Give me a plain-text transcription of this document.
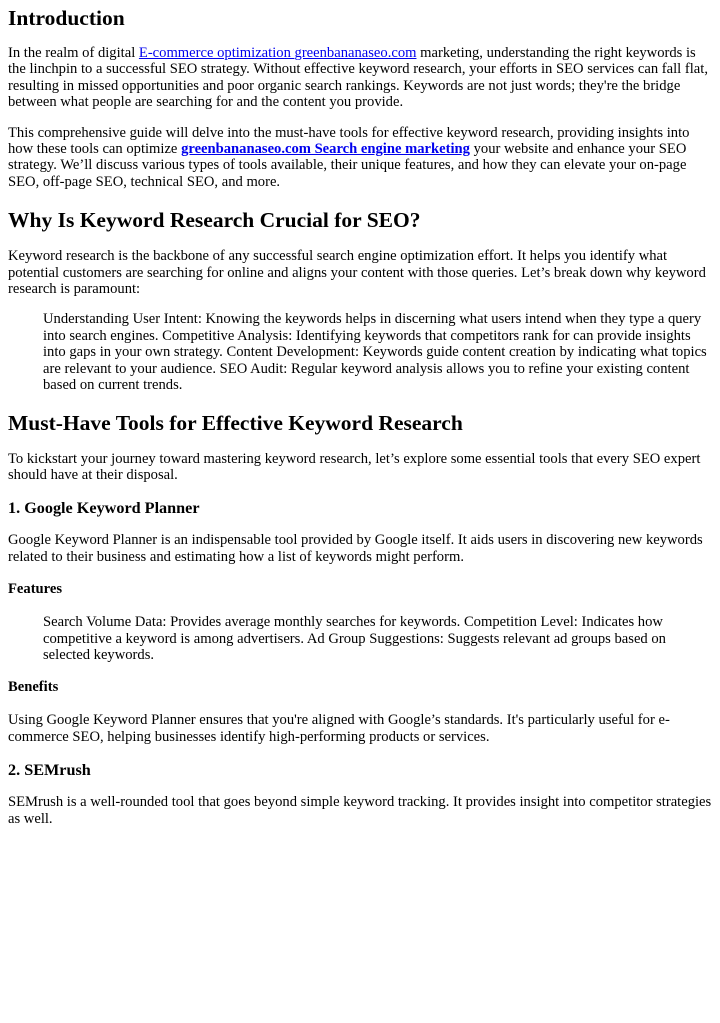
Introduction

In the realm of digital E-commerce optimization greenbananaseo.com marketing, understanding the right keywords is the linchpin to a successful SEO strategy. Without effective keyword research, your efforts in SEO services can fall flat, resulting in missed opportunities and poor organic search rankings. Keywords are not just words; they're the bridge between what people are searching for and the content you provide.

This comprehensive guide will delve into the must-have tools for effective keyword research, providing insights into how these tools can optimize greenbananaseo.com Search engine marketing your website and enhance your SEO strategy. We’ll discuss various types of tools available, their unique features, and how they can elevate your on-page SEO, off-page SEO, technical SEO, and more.

Why Is Keyword Research Crucial for SEO?

Keyword research is the backbone of any successful search engine optimization effort. It helps you identify what potential customers are searching for online and aligns your content with those queries. Let’s break down why keyword research is paramount:

Understanding User Intent: Knowing the keywords helps in discerning what users intend when they type a query into search engines. Competitive Analysis: Identifying keywords that competitors rank for can provide insights into gaps in your own strategy. Content Development: Keywords guide content creation by indicating what topics are relevant to your audience. SEO Audit: Regular keyword analysis allows you to refine your existing content based on current trends.
Must-Have Tools for Effective Keyword Research

To kickstart your journey toward mastering keyword research, let’s explore some essential tools that every SEO expert should have at their disposal.

1. Google Keyword Planner

Google Keyword Planner is an indispensable tool provided by Google itself. It aids users in discovering new keywords related to their business and estimating how a list of keywords might perform.

Features
Search Volume Data: Provides average monthly searches for keywords. Competition Level: Indicates how competitive a keyword is among advertisers. Ad Group Suggestions: Suggests relevant ad groups based on selected keywords.
Benefits

Using Google Keyword Planner ensures that you're aligned with Google’s standards. It's particularly useful for e-commerce SEO, helping businesses identify high-performing products or services.

2. SEMrush

SEMrush is a well-rounded tool that goes beyond simple keyword tracking. It provides insight into competitor strategies as well.
